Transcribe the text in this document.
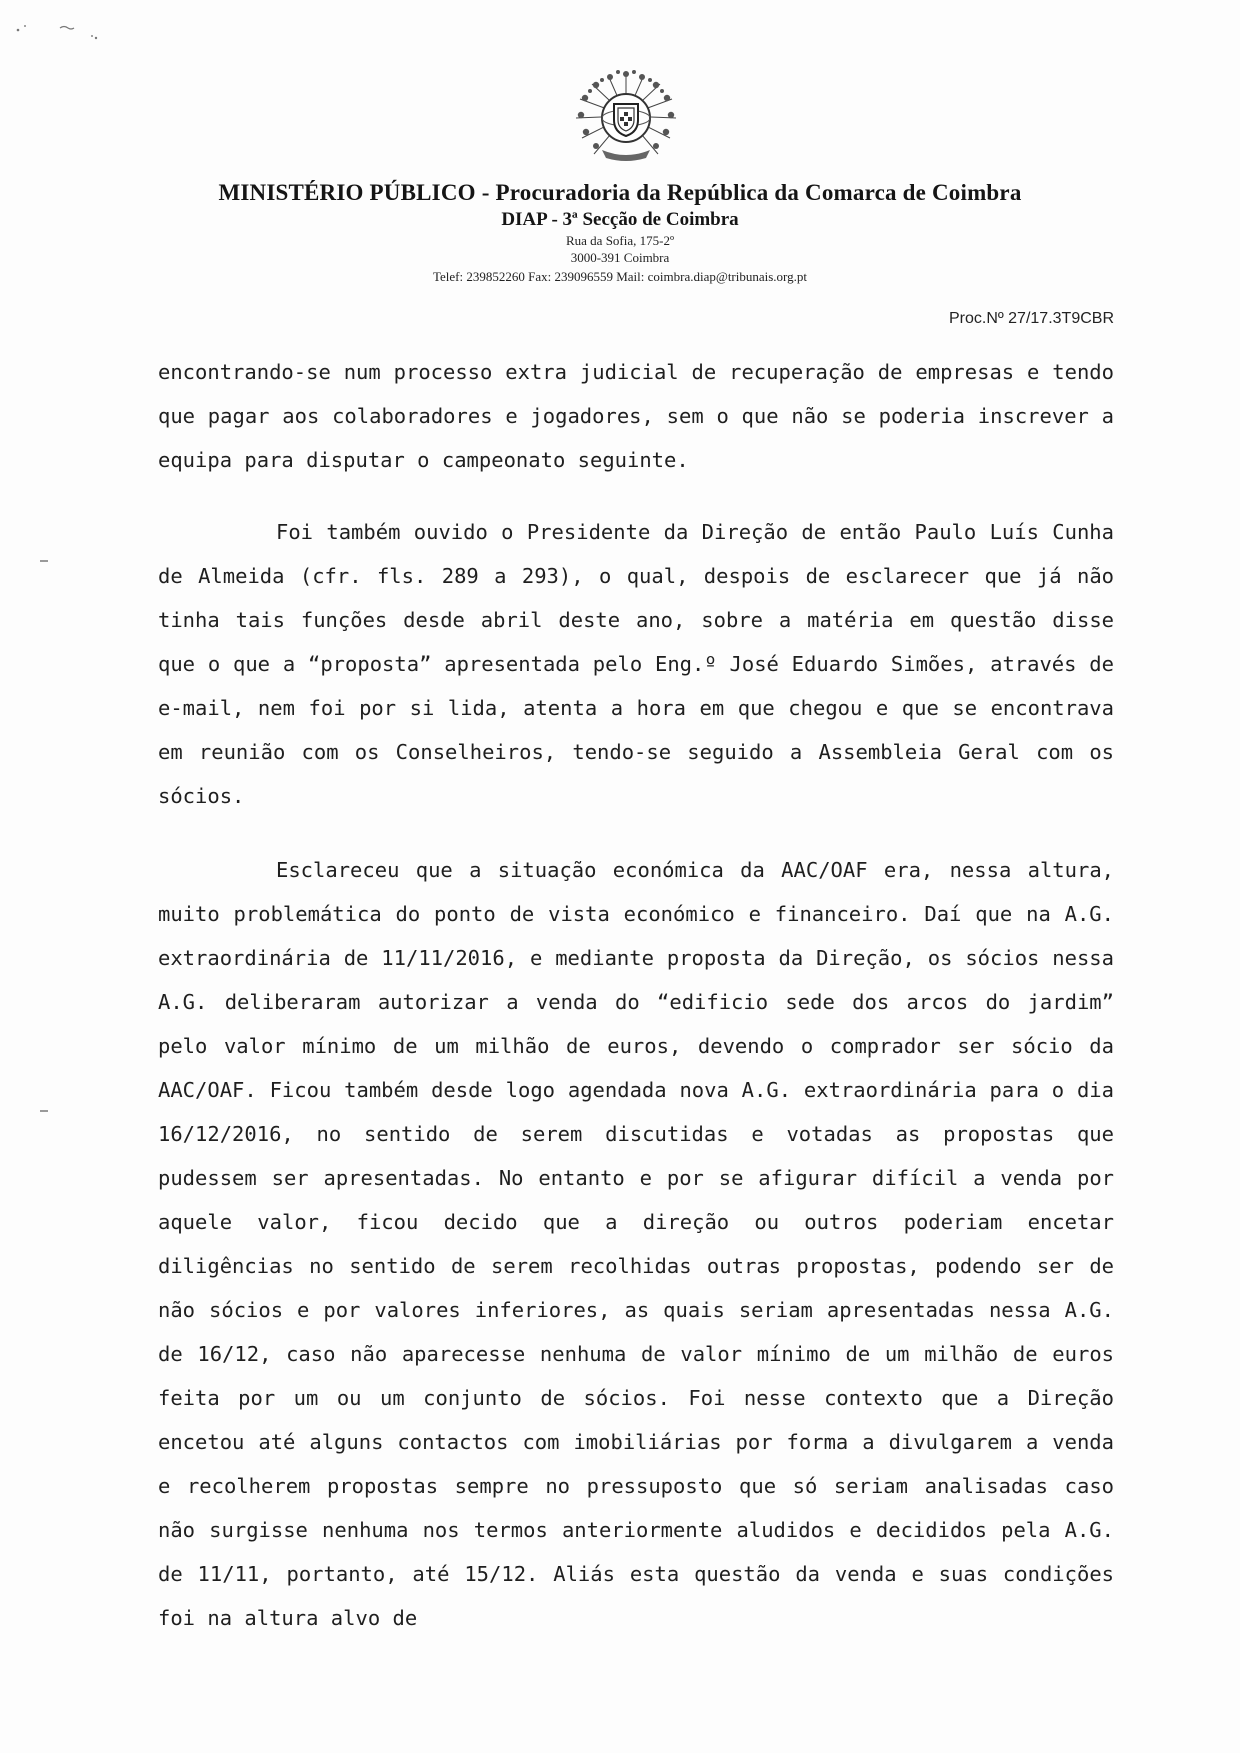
MINISTÉRIO PÚBLICO - Procuradoria da República da Comarca de Coimbra

DIAP - 3ª Secção de Coimbra

Rua da Sofia, 175-2º

3000-391 Coimbra

Telef: 239852260 Fax: 239096559 Mail: coimbra.diap@tribunais.org.pt

Proc.Nº 27/17.3T9CBR

encontrando-se num processo extra judicial de recuperação de empresas e tendo que pagar aos colaboradores e jogadores, sem o que não se poderia inscrever a equipa para disputar o campeonato seguinte.

Foi também ouvido o Presidente da Direção de então Paulo Luís Cunha de Almeida (cfr. fls. 289 a 293), o qual, despois de esclarecer que já não tinha tais funções desde abril deste ano, sobre a matéria em questão disse que o que a “proposta” apresentada pelo Eng.º José Eduardo Simões, através de e-mail, nem foi por si lida, atenta a hora em que chegou e que se encontrava em reunião com os Conselheiros, tendo-se seguido a Assembleia Geral com os sócios.

Esclareceu que a situação económica da AAC/OAF era, nessa altura, muito problemática do ponto de vista económico e financeiro. Daí que na A.G. extraordinária de 11/11/2016, e mediante proposta da Direção, os sócios nessa A.G. deliberaram autorizar a venda do “edificio sede dos arcos do jardim” pelo valor mínimo de um milhão de euros, devendo o comprador ser sócio da AAC/OAF. Ficou também desde logo agendada nova A.G. extraordinária para o dia 16/12/2016, no sentido de serem discutidas e votadas as propostas que pudessem ser apresentadas. No entanto e por se afigurar difícil a venda por aquele valor, ficou decido que a direção ou outros poderiam encetar diligências no sentido de serem recolhidas outras propostas, podendo ser de não sócios e por valores inferiores, as quais seriam apresentadas nessa A.G. de 16/12, caso não aparecesse nenhuma de valor mínimo de um milhão de euros feita por um ou um conjunto de sócios. Foi nesse contexto que a Direção encetou até alguns contactos com imobiliárias por forma a divulgarem a venda e recolherem propostas sempre no pressuposto que só seriam analisadas caso não surgisse nenhuma nos termos anteriormente aludidos e decididos pela A.G. de 11/11, portanto, até 15/12. Aliás esta questão da venda e suas condições foi na altura alvo de
